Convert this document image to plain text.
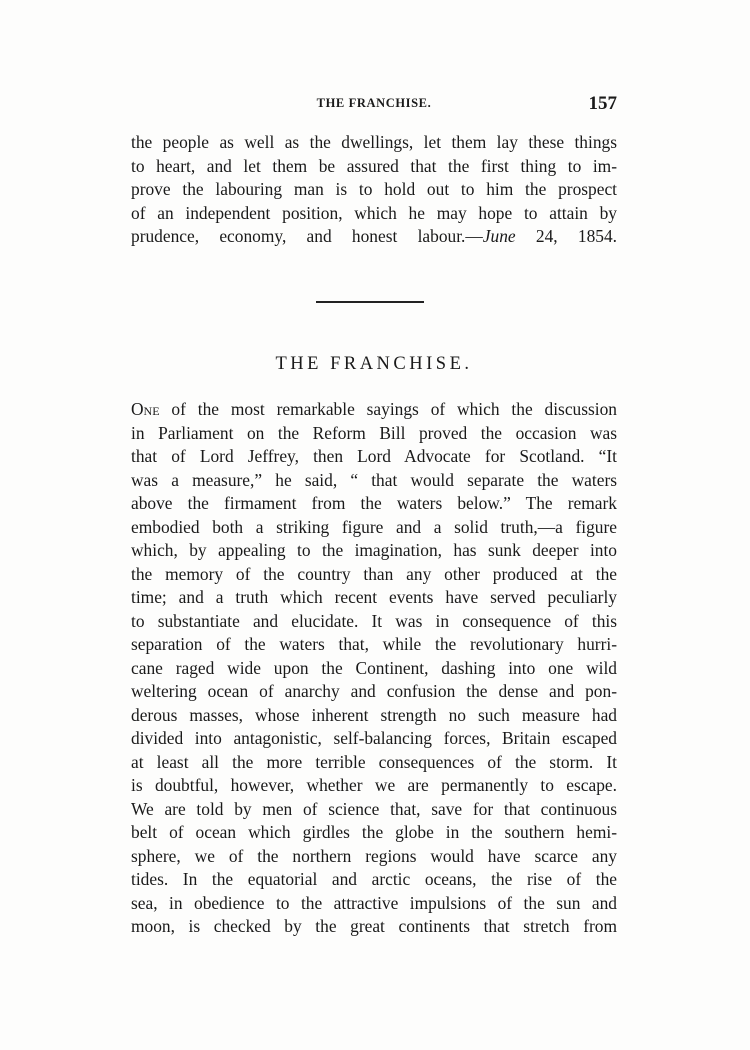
THE FRANCHISE.	157
the people as well as the dwellings, let them lay these things
to heart, and let them be assured that the first thing to im-
prove the labouring man is to hold out to him the prospect
of an independent position, which he may hope to attain by
prudence, economy, and honest labour.—June 24, 1854.
THE FRANCHISE.
One of the most remarkable sayings of which the discussion
in Parliament on the Reform Bill proved the occasion was
that of Lord Jeffrey, then Lord Advocate for Scotland. “It
was a measure,” he said, “ that would separate the waters
above the firmament from the waters below.” The remark
embodied both a striking figure and a solid truth,—a figure
which, by appealing to the imagination, has sunk deeper into
the memory of the country than any other produced at the
time; and a truth which recent events have served peculiarly
to substantiate and elucidate. It was in consequence of this
separation of the waters that, while the revolutionary hurri-
cane raged wide upon the Continent, dashing into one wild
weltering ocean of anarchy and confusion the dense and pon-
derous masses, whose inherent strength no such measure had
divided into antagonistic, self-balancing forces, Britain escaped
at least all the more terrible consequences of the storm. It
is doubtful, however, whether we are permanently to escape.
We are told by men of science that, save for that continuous
belt of ocean which girdles the globe in the southern hemi-
sphere, we of the northern regions would have scarce any
tides. In the equatorial and arctic oceans, the rise of the
sea, in obedience to the attractive impulsions of the sun and
moon, is checked by the great continents that stretch from
